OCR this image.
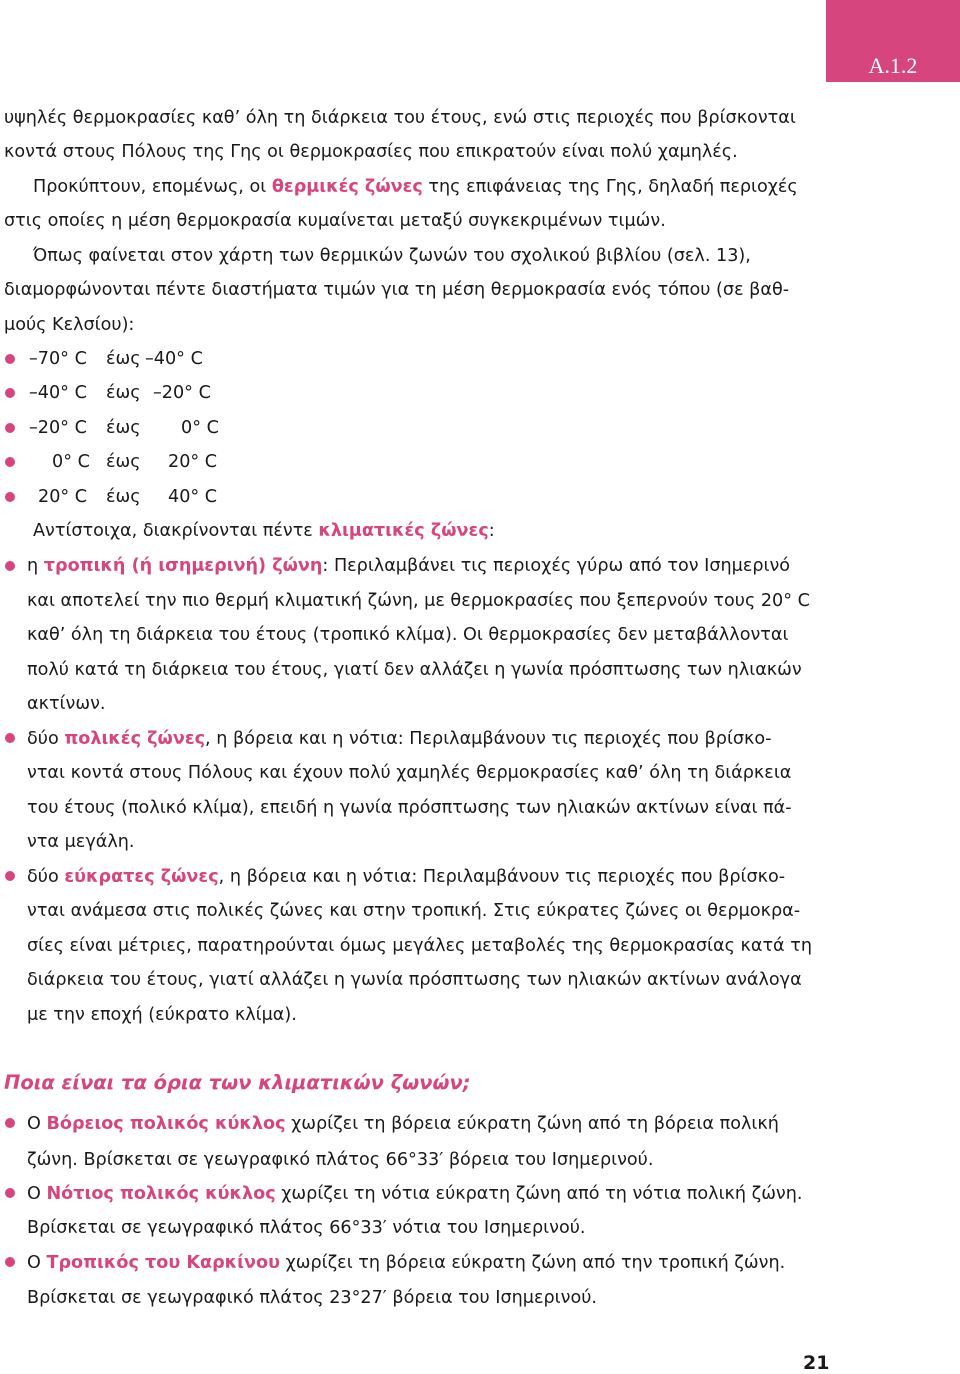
A.1.2
υψηλές θερμοκρασίες καθ’ όλη τη διάρκεια του έτους, ενώ στις περιοχές που βρίσκονται
κοντά στους Πόλους της Γης οι θερμοκρασίες που επικρατούν είναι πολύ χαμηλές.
Προκύπτουν, επομένως, οι θερμικές ζώνες της επιφάνειας της Γης, δηλαδή περιοχές
στις οποίες η μέση θερμοκρασία κυμαίνεται μεταξύ συγκεκριμένων τιμών.
Όπως φαίνεται στον χάρτη των θερμικών ζωνών του σχολικού βιβλίου (σελ. 13),
διαμορφώνονται πέντε διαστήματα τιμών για τη μέση θερμοκρασία ενός τόπου (σε βαθ-
μούς Κελσίου):
–70° C έως –40° C
–40° C έως –20° C
–20° C έως 0° C
0° C έως 20° C
20° C έως 40° C
Αντίστοιχα, διακρίνονται πέντε κλιματικές ζώνες:
η τροπική (ή ισημερινή) ζώνη: Περιλαμβάνει τις περιοχές γύρω από τον Ισημερινό
και αποτελεί την πιο θερμή κλιματική ζώνη, με θερμοκρασίες που ξεπερνούν τους 20° C
καθ’ όλη τη διάρκεια του έτους (τροπικό κλίμα). Οι θερμοκρασίες δεν μεταβάλλονται
πολύ κατά τη διάρκεια του έτους, γιατί δεν αλλάζει η γωνία πρόσπτωσης των ηλιακών
ακτίνων.
δύο πολικές ζώνες, η βόρεια και η νότια: Περιλαμβάνουν τις περιοχές που βρίσκο-
νται κοντά στους Πόλους και έχουν πολύ χαμηλές θερμοκρασίες καθ’ όλη τη διάρκεια
του έτους (πολικό κλίμα), επειδή η γωνία πρόσπτωσης των ηλιακών ακτίνων είναι πά-
ντα μεγάλη.
δύο εύκρατες ζώνες, η βόρεια και η νότια: Περιλαμβάνουν τις περιοχές που βρίσκο-
νται ανάμεσα στις πολικές ζώνες και στην τροπική. Στις εύκρατες ζώνες οι θερμοκρα-
σίες είναι μέτριες, παρατηρούνται όμως μεγάλες μεταβολές της θερμοκρασίας κατά τη
διάρκεια του έτους, γιατί αλλάζει η γωνία πρόσπτωσης των ηλιακών ακτίνων ανάλογα
με την εποχή (εύκρατο κλίμα).
Ποια είναι τα όρια των κλιματικών ζωνών;
Ο Βόρειος πολικός κύκλος χωρίζει τη βόρεια εύκρατη ζώνη από τη βόρεια πολική
ζώνη. Βρίσκεται σε γεωγραφικό πλάτος 66°33′ βόρεια του Ισημερινού.
Ο Νότιος πολικός κύκλος χωρίζει τη νότια εύκρατη ζώνη από τη νότια πολική ζώνη.
Βρίσκεται σε γεωγραφικό πλάτος 66°33′ νότια του Ισημερινού.
Ο Τροπικός του Καρκίνου χωρίζει τη βόρεια εύκρατη ζώνη από την τροπική ζώνη.
Βρίσκεται σε γεωγραφικό πλάτος 23°27′ βόρεια του Ισημερινού.
21
